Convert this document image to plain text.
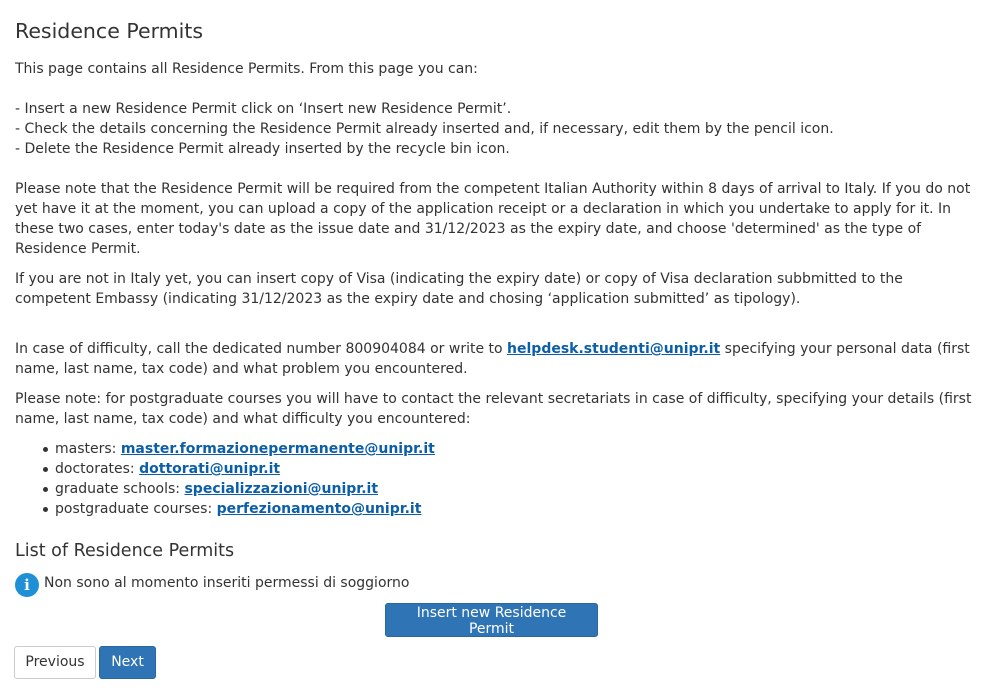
Residence Permits

This page contains all Residence Permits. From this page you can:

- Insert a new Residence Permit click on ‘Insert new Residence Permit’.

- Check the details concerning the Residence Permit already inserted and, if necessary, edit them by the pencil icon.

- Delete the Residence Permit already inserted by the recycle bin icon.

Please note that the Residence Permit will be required from the competent Italian Authority within 8 days of arrival to Italy. If you do not yet have it at the moment, you can upload a copy of the application receipt or a declaration in which you undertake to apply for it. In these two cases, enter today's date as the issue date and 31/12/2023 as the expiry date, and choose 'determined' as the type of Residence Permit.

If you are not in Italy yet, you can insert copy of Visa (indicating the expiry date) or copy of Visa declaration subbmitted to the competent Embassy (indicating 31/12/2023 as the expiry date and chosing ‘application submitted’ as tipology).

In case of difficulty, call the dedicated number 800904084 or write to helpdesk.studenti@unipr.it specifying your personal data (first name, last name, tax code) and what problem you encountered.

Please note: for postgraduate courses you will have to contact the relevant secretariats in case of difficulty, specifying your details (first name, last name, tax code) and what difficulty you encountered:

masters: master.formazionepermanente@unipr.it
doctorates: dottorati@unipr.it
graduate schools: specializzazioni@unipr.it
postgraduate courses: perfezionamento@unipr.it
List of Residence Permits
i	Non sono al momento inseriti permessi di soggiorno
Insert new Residence Permit
Previous	Next
